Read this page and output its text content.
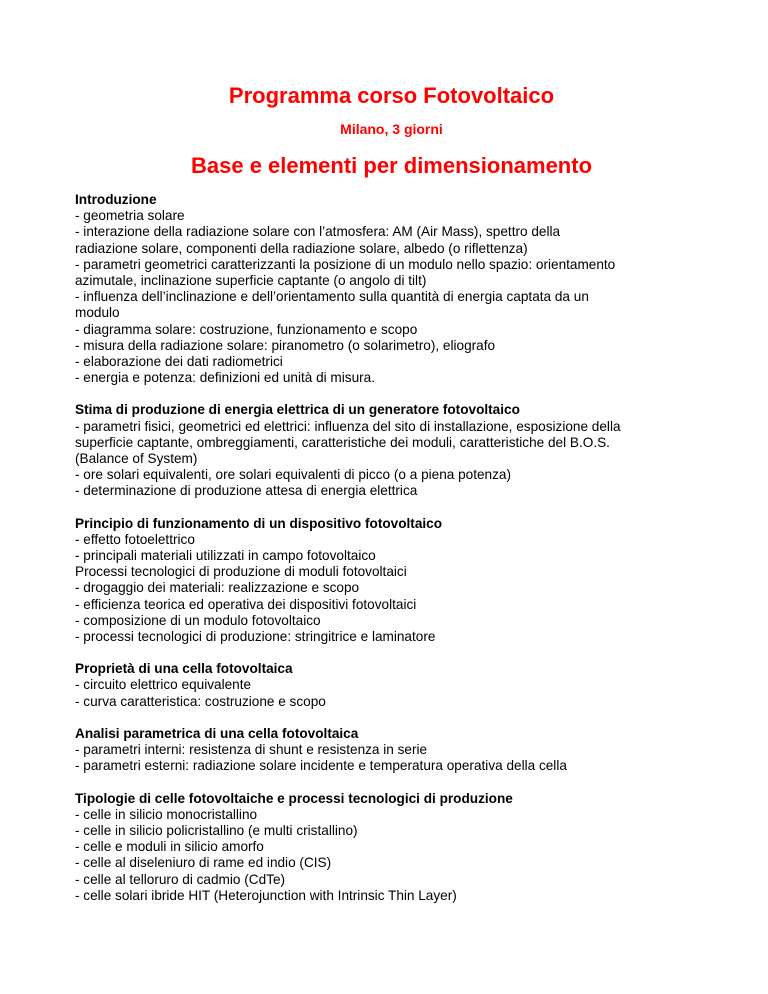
Programma corso Fotovoltaico
Milano, 3 giorni
Base e elementi per dimensionamento
Introduzione
- geometria solare
- interazione della radiazione solare con l’atmosfera: AM (Air Mass), spettro della
radiazione solare, componenti della radiazione solare, albedo (o riflettenza)
- parametri geometrici caratterizzanti la posizione di un modulo nello spazio: orientamento
azimutale, inclinazione superficie captante (o angolo di tilt)
- influenza dell’inclinazione e dell’orientamento sulla quantità di energia captata da un
modulo
- diagramma solare: costruzione, funzionamento e scopo
- misura della radiazione solare: piranometro (o solarimetro), eliografo
- elaborazione dei dati radiometrici
- energia e potenza: definizioni ed unità di misura.
Stima di produzione di energia elettrica di un generatore fotovoltaico
- parametri fisici, geometrici ed elettrici: influenza del sito di installazione, esposizione della
superficie captante, ombreggiamenti, caratteristiche dei moduli, caratteristiche del B.O.S.
(Balance of System)
- ore solari equivalenti, ore solari equivalenti di picco (o a piena potenza)
- determinazione di produzione attesa di energia elettrica
Principio di funzionamento di un dispositivo fotovoltaico
- effetto fotoelettrico
- principali materiali utilizzati in campo fotovoltaico
Processi tecnologici di produzione di moduli fotovoltaici
- drogaggio dei materiali: realizzazione e scopo
- efficienza teorica ed operativa dei dispositivi fotovoltaici
- composizione di un modulo fotovoltaico
- processi tecnologici di produzione: stringitrice e laminatore
Proprietà di una cella fotovoltaica
- circuito elettrico equivalente
- curva caratteristica: costruzione e scopo
Analisi parametrica di una cella fotovoltaica
- parametri interni: resistenza di shunt e resistenza in serie
- parametri esterni: radiazione solare incidente e temperatura operativa della cella
Tipologie di celle fotovoltaiche e processi tecnologici di produzione
- celle in silicio monocristallino
- celle in silicio policristallino (e multi cristallino)
- celle e moduli in silicio amorfo
- celle al diseleniuro di rame ed indio (CIS)
- celle al telloruro di cadmio (CdTe)
- celle solari ibride HIT (Heterojunction with Intrinsic Thin Layer)
